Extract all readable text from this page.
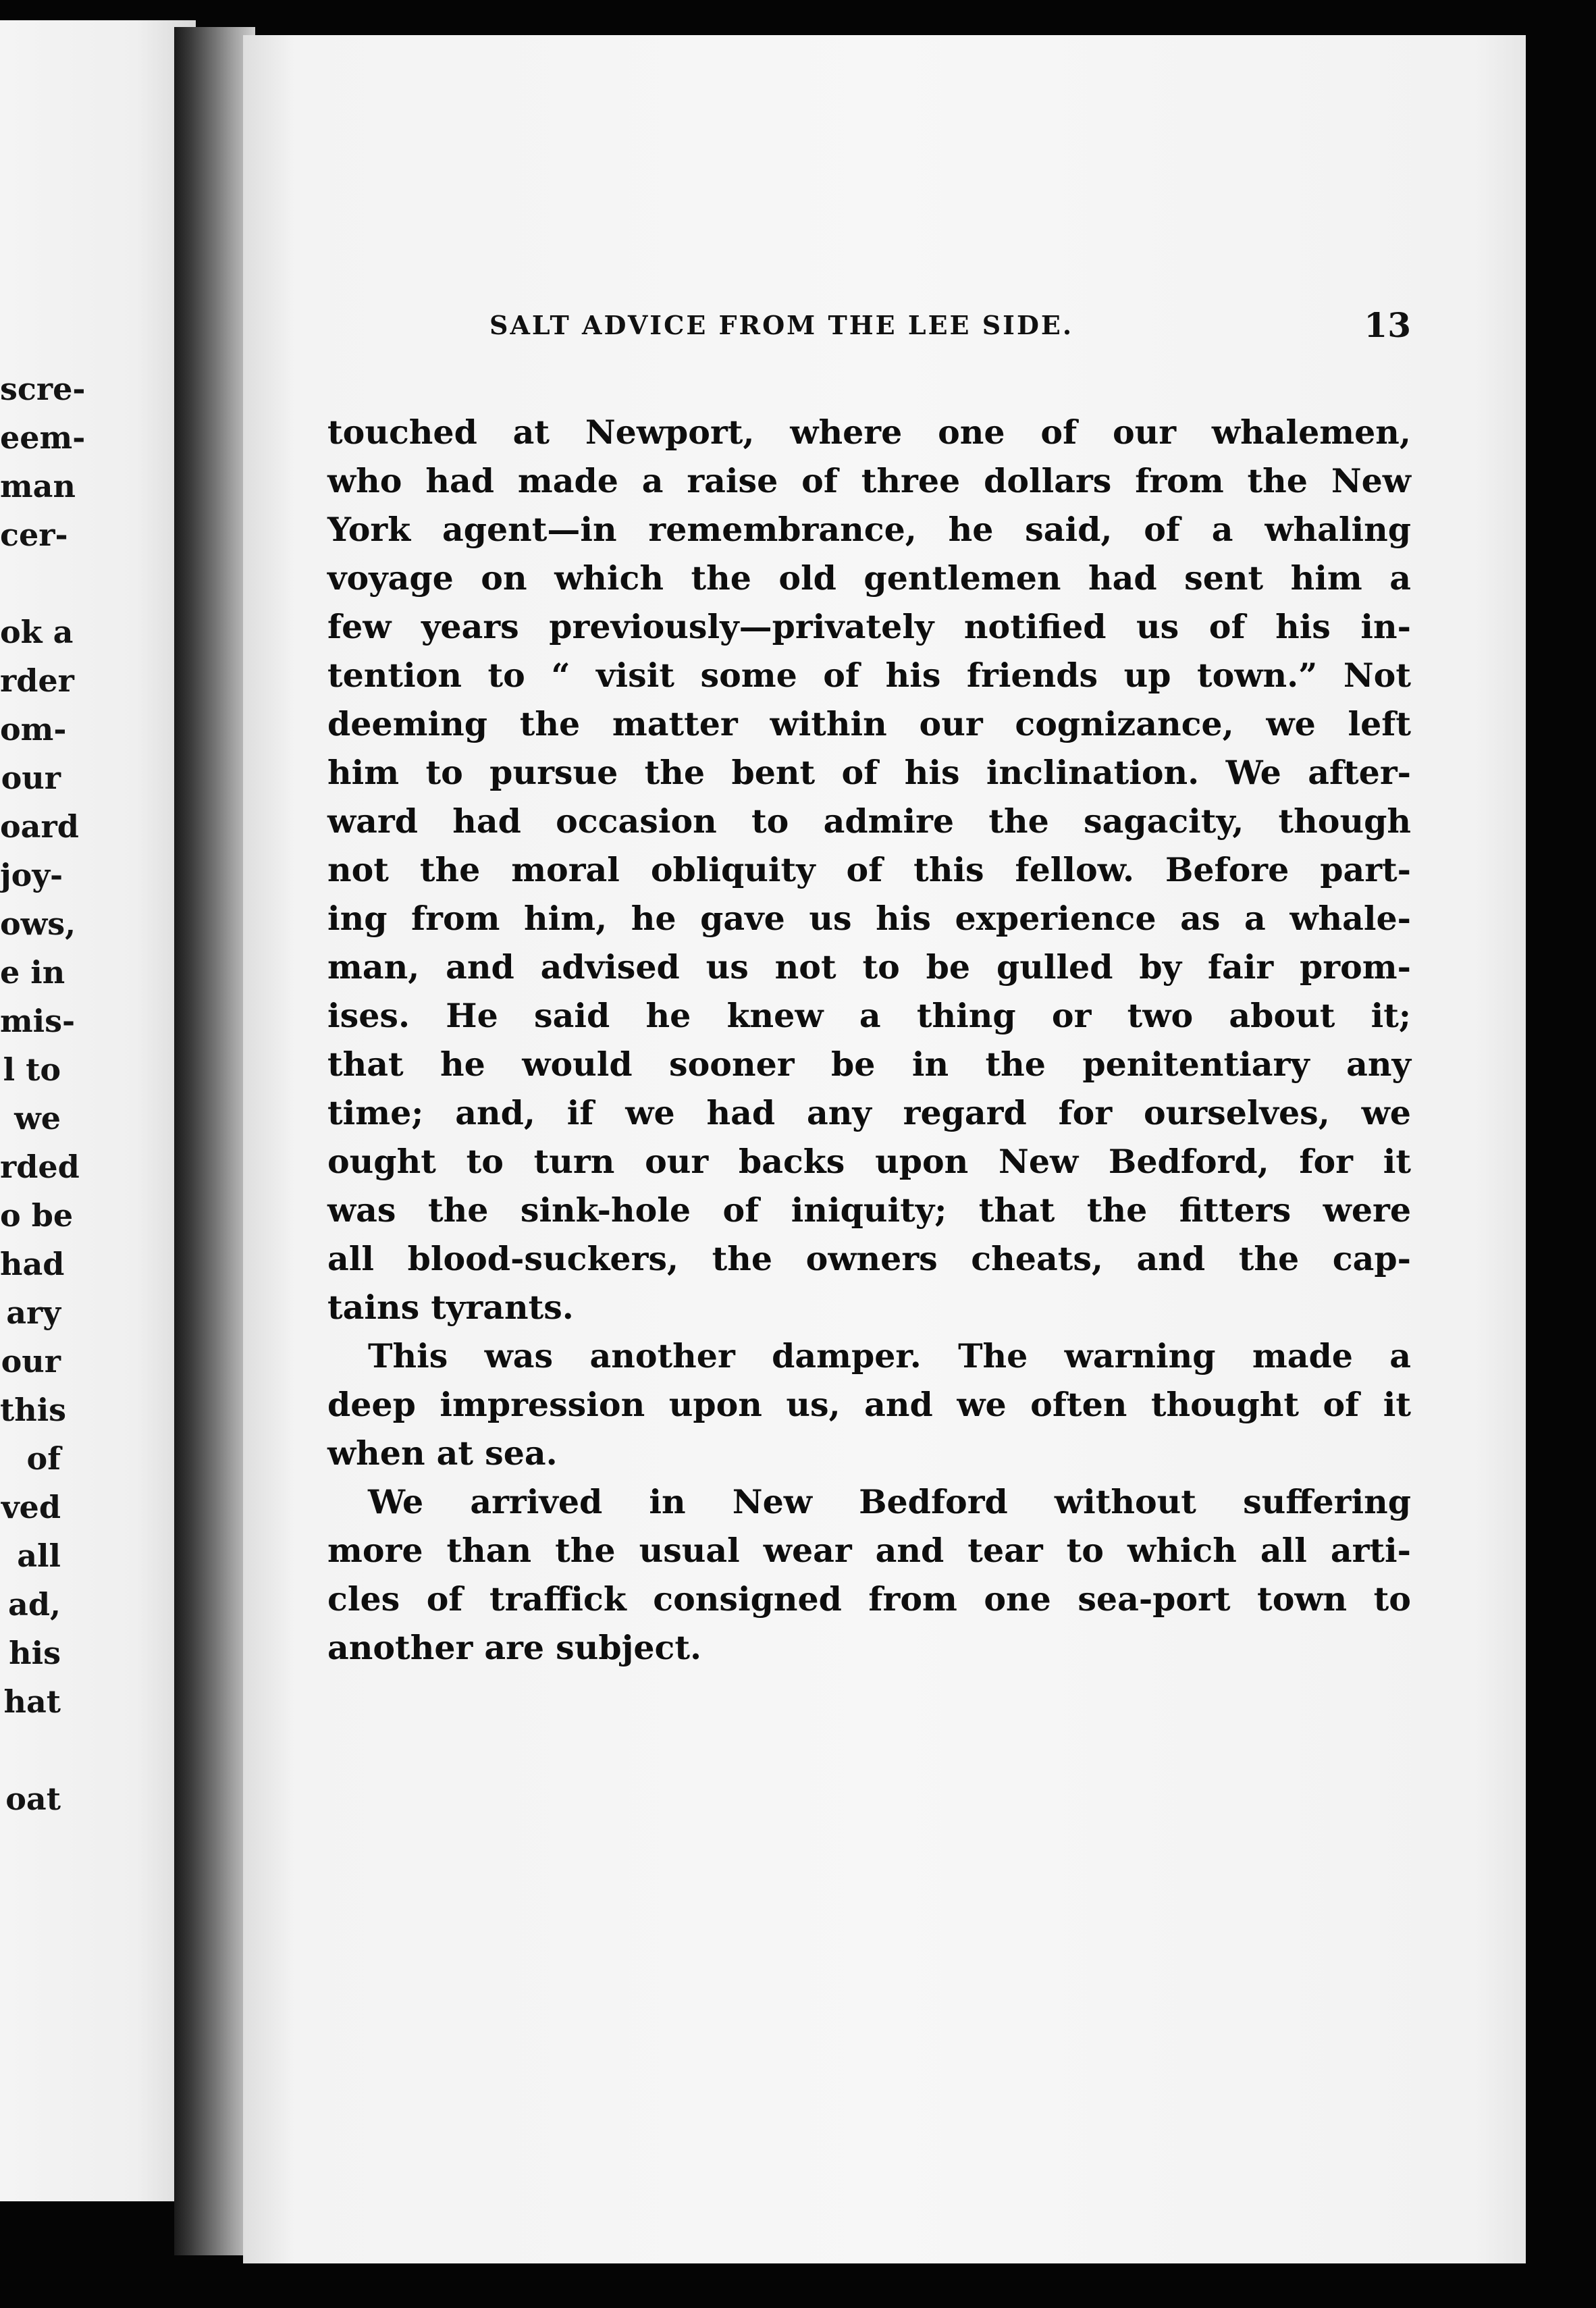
scre-
eem-
man
cer-
ok a
rder
om-
our
oard
joy-
ows,
e in
mis-
l to
we
rded
o be
had
ary
our
this
of
ved
all
ad,
his
hat
oat
SALT ADVICE FROM THE LEE SIDE.	13
touched at Newport, where one of our whalemen,
who had made a raise of three dollars from the New
York agent—in remembrance, he said, of a whaling
voyage on which the old gentlemen had sent him a
few years previously—privately notified us of his in-
tention to “ visit some of his friends up town.” Not
deeming the matter within our cognizance, we left
him to pursue the bent of his inclination. We after-
ward had occasion to admire the sagacity, though
not the moral obliquity of this fellow. Before part-
ing from him, he gave us his experience as a whale-
man, and advised us not to be gulled by fair prom-
ises. He said he knew a thing or two about it;
that he would sooner be in the penitentiary any
time; and, if we had any regard for ourselves, we
ought to turn our backs upon New Bedford, for it
was the sink-hole of iniquity; that the fitters were
all blood-suckers, the owners cheats, and the cap-
tains tyrants.
This was another damper. The warning made a
deep impression upon us, and we often thought of it
when at sea.
We arrived in New Bedford without suffering
more than the usual wear and tear to which all arti-
cles of traffick consigned from one sea-port town to
another are subject.
